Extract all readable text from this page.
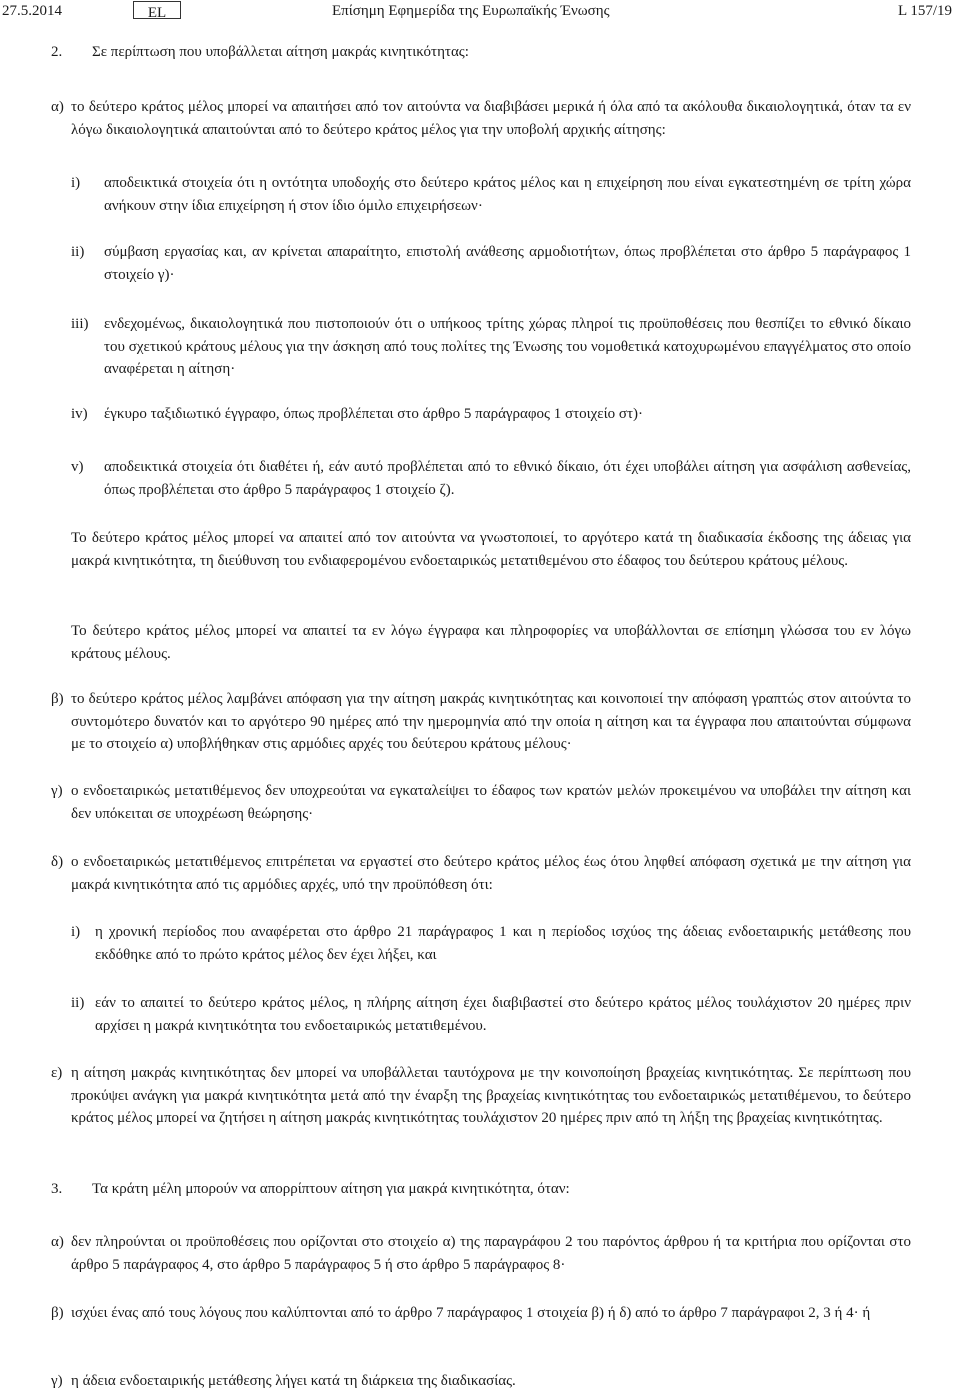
27.5.2014	EL	Επίσημη Εφημερίδα της Ευρωπαϊκής Ένωσης	L 157/19
2. Σε περίπτωση που υποβάλλεται αίτηση μακράς κινητικότητας:
α) το δεύτερο κράτος μέλος μπορεί να απαιτήσει από τον αιτούντα να διαβιβάσει μερικά ή όλα από τα ακόλουθα δικαιολογητικά, όταν τα εν λόγω δικαιολογητικά απαιτούνται από το δεύτερο κράτος μέλος για την υποβολή αρχικής αίτησης:
i) αποδεικτικά στοιχεία ότι η οντότητα υποδοχής στο δεύτερο κράτος μέλος και η επιχείρηση που είναι εγκατεστημένη σε τρίτη χώρα ανήκουν στην ίδια επιχείρηση ή στον ίδιο όμιλο επιχειρήσεων·
ii) σύμβαση εργασίας και, αν κρίνεται απαραίτητο, επιστολή ανάθεσης αρμοδιοτήτων, όπως προβλέπεται στο άρθρο 5 παράγραφος 1 στοιχείο γ)·
iii) ενδεχομένως, δικαιολογητικά που πιστοποιούν ότι ο υπήκοος τρίτης χώρας πληροί τις προϋποθέσεις που θεσπίζει το εθνικό δίκαιο του σχετικού κράτους μέλους για την άσκηση από τους πολίτες της Ένωσης του νομοθετικά κατοχυρωμένου επαγγέλματος στο οποίο αναφέρεται η αίτηση·
iv) έγκυρο ταξιδιωτικό έγγραφο, όπως προβλέπεται στο άρθρο 5 παράγραφος 1 στοιχείο στ)·
v) αποδεικτικά στοιχεία ότι διαθέτει ή, εάν αυτό προβλέπεται από το εθνικό δίκαιο, ότι έχει υποβάλει αίτηση για ασφάλιση ασθενείας, όπως προβλέπεται στο άρθρο 5 παράγραφος 1 στοιχείο ζ).
Το δεύτερο κράτος μέλος μπορεί να απαιτεί από τον αιτούντα να γνωστοποιεί, το αργότερο κατά τη διαδικασία έκδοσης της άδειας για μακρά κινητικότητα, τη διεύθυνση του ενδιαφερομένου ενδοεταιρικώς μετατιθεμένου στο έδαφος του δεύτερου κράτους μέλους.
Το δεύτερο κράτος μέλος μπορεί να απαιτεί τα εν λόγω έγγραφα και πληροφορίες να υποβάλλονται σε επίσημη γλώσσα του εν λόγω κράτους μέλους.
β) το δεύτερο κράτος μέλος λαμβάνει απόφαση για την αίτηση μακράς κινητικότητας και κοινοποιεί την απόφαση γραπτώς στον αιτούντα το συντομότερο δυνατόν και το αργότερο 90 ημέρες από την ημερομηνία από την οποία η αίτηση και τα έγγραφα που απαιτούνται σύμφωνα με το στοιχείο α) υποβλήθηκαν στις αρμόδιες αρχές του δεύτερου κράτους μέλους·
γ) ο ενδοεταιρικώς μετατιθέμενος δεν υποχρεούται να εγκαταλείψει το έδαφος των κρατών μελών προκειμένου να υποβάλει την αίτηση και δεν υπόκειται σε υποχρέωση θεώρησης·
δ) ο ενδοεταιρικώς μετατιθέμενος επιτρέπεται να εργαστεί στο δεύτερο κράτος μέλος έως ότου ληφθεί απόφαση σχετικά με την αίτηση για μακρά κινητικότητα από τις αρμόδιες αρχές, υπό την προϋπόθεση ότι:
i) η χρονική περίοδος που αναφέρεται στο άρθρο 21 παράγραφος 1 και η περίοδος ισχύος της άδειας ενδοεταιρικής μετάθεσης που εκδόθηκε από το πρώτο κράτος μέλος δεν έχει λήξει, και
ii) εάν το απαιτεί το δεύτερο κράτος μέλος, η πλήρης αίτηση έχει διαβιβαστεί στο δεύτερο κράτος μέλος τουλάχιστον 20 ημέρες πριν αρχίσει η μακρά κινητικότητα του ενδοεταιρικώς μετατιθεμένου.
ε) η αίτηση μακράς κινητικότητας δεν μπορεί να υποβάλλεται ταυτόχρονα με την κοινοποίηση βραχείας κινητικότητας. Σε περίπτωση που προκύψει ανάγκη για μακρά κινητικότητα μετά από την έναρξη της βραχείας κινητικότητας του ενδοεταιρικώς μετατιθέμενου, το δεύτερο κράτος μέλος μπορεί να ζητήσει η αίτηση μακράς κινητικότητας τουλάχιστον 20 ημέρες πριν από τη λήξη της βραχείας κινητικότητας.
3. Τα κράτη μέλη μπορούν να απορρίπτουν αίτηση για μακρά κινητικότητα, όταν:
α) δεν πληρούνται οι προϋποθέσεις που ορίζονται στο στοιχείο α) της παραγράφου 2 του παρόντος άρθρου ή τα κριτήρια που ορίζονται στο άρθρο 5 παράγραφος 4, στο άρθρο 5 παράγραφος 5 ή στο άρθρο 5 παράγραφος 8·
β) ισχύει ένας από τους λόγους που καλύπτονται από το άρθρο 7 παράγραφος 1 στοιχεία β) ή δ) από το άρθρο 7 παράγραφοι 2, 3 ή 4· ή
γ) η άδεια ενδοεταιρικής μετάθεσης λήγει κατά τη διάρκεια της διαδικασίας.
